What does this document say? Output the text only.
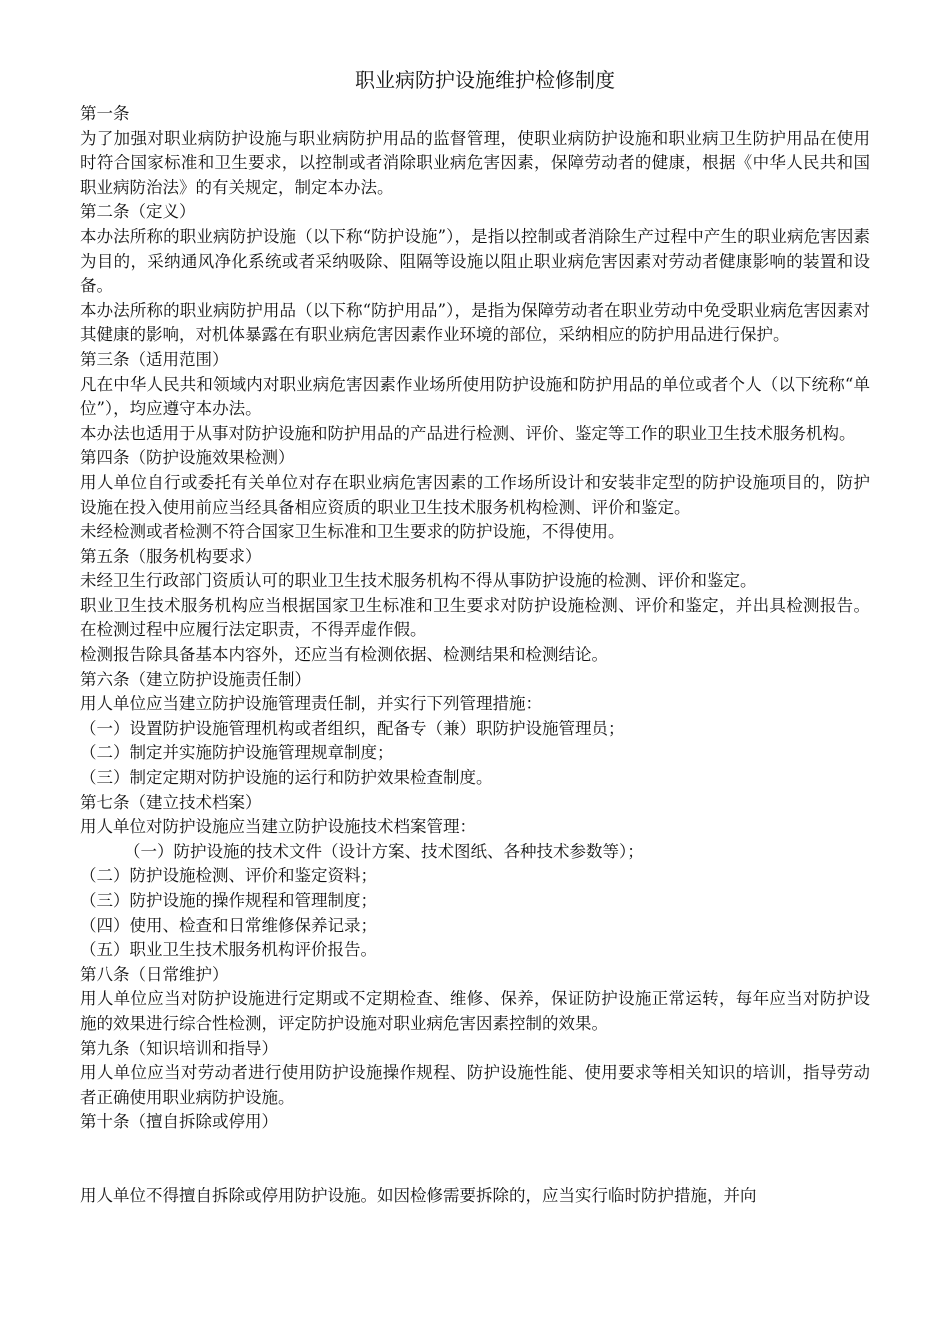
职业病防护设施维护检修制度
第一条

为了加强对职业病防护设施与职业病防护用品的监督管理，使职业病防护设施和职业病卫生防护用品在使用时符合国家标准和卫生要求，以控制或者消除职业病危害因素，保障劳动者的健康，根据《中华人民共和国职业病防治法》的有关规定，制定本办法。

第二条（定义）

本办法所称的职业病防护设施（以下称“防护设施”），是指以控制或者消除生产过程中产生的职业病危害因素为目的，采纳通风净化系统或者采纳吸除、阻隔等设施以阻止职业病危害因素对劳动者健康影响的装置和设备。

本办法所称的职业病防护用品（以下称“防护用品”），是指为保障劳动者在职业劳动中免受职业病危害因素对其健康的影响，对机体暴露在有职业病危害因素作业环境的部位，采纳相应的防护用品进行保护。

第三条（适用范围）

凡在中华人民共和领域内对职业病危害因素作业场所使用防护设施和防护用品的单位或者个人（以下统称“单位”），均应遵守本办法。

本办法也适用于从事对防护设施和防护用品的产品进行检测、评价、鉴定等工作的职业卫生技术服务机构。

第四条（防护设施效果检测）

用人单位自行或委托有关单位对存在职业病危害因素的工作场所设计和安装非定型的防护设施项目的，防护设施在投入使用前应当经具备相应资质的职业卫生技术服务机构检测、评价和鉴定。

未经检测或者检测不符合国家卫生标准和卫生要求的防护设施，不得使用。

第五条（服务机构要求）

未经卫生行政部门资质认可的职业卫生技术服务机构不得从事防护设施的检测、评价和鉴定。

职业卫生技术服务机构应当根据国家卫生标准和卫生要求对防护设施检测、评价和鉴定，并出具检测报告。在检测过程中应履行法定职责，不得弄虚作假。

检测报告除具备基本内容外，还应当有检测依据、检测结果和检测结论。

第六条（建立防护设施责任制）

用人单位应当建立防护设施管理责任制，并实行下列管理措施：

（一）设置防护设施管理机构或者组织，配备专（兼）职防护设施管理员；
（二）制定并实施防护设施管理规章制度；
（三）制定定期对防护设施的运行和防护效果检查制度。
第七条（建立技术档案）

用人单位对防护设施应当建立防护设施技术档案管理：

（一）防护设施的技术文件（设计方案、技术图纸、各种技术参数等）；
（二）防护设施检测、评价和鉴定资料；
（三）防护设施的操作规程和管理制度；
（四）使用、检查和日常维修保养记录；
（五）职业卫生技术服务机构评价报告。
第八条（日常维护）

用人单位应当对防护设施进行定期或不定期检查、维修、保养，保证防护设施正常运转，每年应当对防护设施的效果进行综合性检测，评定防护设施对职业病危害因素控制的效果。

第九条（知识培训和指导）

用人单位应当对劳动者进行使用防护设施操作规程、防护设施性能、使用要求等相关知识的培训，指导劳动者正确使用职业病防护设施。

第十条（擅自拆除或停用）
用人单位不得擅自拆除或停用防护设施。如因检修需要拆除的，应当实行临时防护措施，并向
